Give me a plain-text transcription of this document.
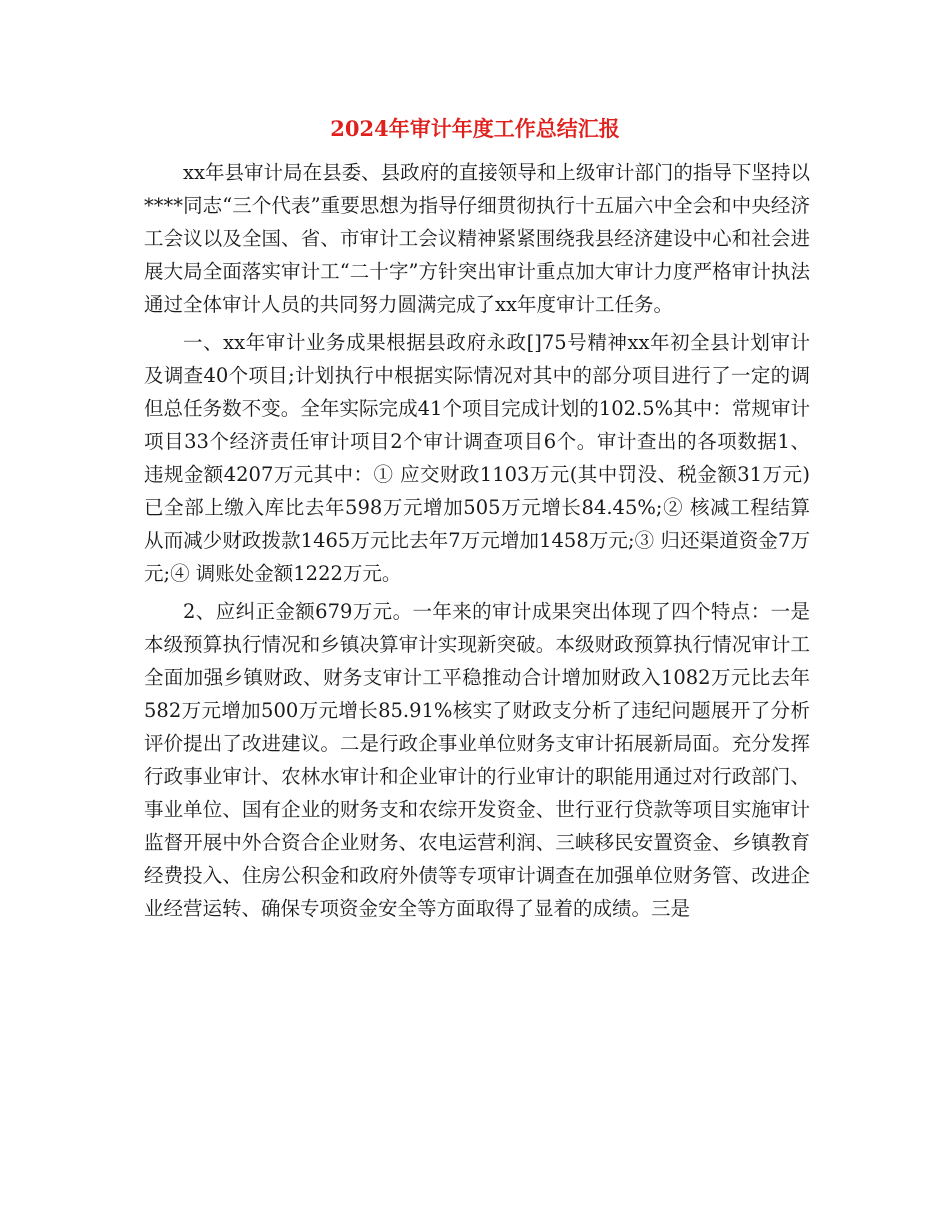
2024年审计年度工作总结汇报

xx年县审计局在县委、县政府的直接领导和上级审计部门的指导下坚持以****同志“三个代表”重要思想为指导仔细贯彻执行十五届六中全会和中央经济工会议以及全国、省、市审计工会议精神紧紧围绕我县经济建设中心和社会进展大局全面落实审计工“二十字”方针突出审计重点加大审计力度严格审计执法通过全体审计人员的共同努力圆满完成了xx年度审计工任务。

一、xx年审计业务成果根据县政府永政[]75号精神xx年初全县计划审计及调查40个项目;计划执行中根据实际情况对其中的部分项目进行了一定的调但总任务数不变。全年实际完成41个项目完成计划的102.5%其中：常规审计项目33个经济责任审计项目2个审计调查项目6个。审计查出的各项数据1、违规金额4207万元其中：① 应交财政1103万元(其中罚没、税金额31万元)已全部上缴入库比去年598万元增加505万元增长84.45%;② 核减工程结算从而减少财政拨款1465万元比去年7万元增加1458万元;③ 归还渠道资金7万元;④ 调账处金额1222万元。

2、应纠正金额679万元。一年来的审计成果突出体现了四个特点：一是本级预算执行情况和乡镇决算审计实现新突破。本级财政预算执行情况审计工全面加强乡镇财政、财务支审计工平稳推动合计增加财政入1082万元比去年582万元增加500万元增长85.91%核实了财政支分析了违纪问题展开了分析评价提出了改进建议。二是行政企事业单位财务支审计拓展新局面。充分发挥行政事业审计、农林水审计和企业审计的行业审计的职能用通过对行政部门、事业单位、国有企业的财务支和农综开发资金、世行亚行贷款等项目实施审计监督开展中外合资合企业财务、农电运营利润、三峡移民安置资金、乡镇教育经费投入、住房公积金和政府外债等专项审计调查在加强单位财务管、改进企业经营运转、确保专项资金安全等方面取得了显着的成绩。三是
